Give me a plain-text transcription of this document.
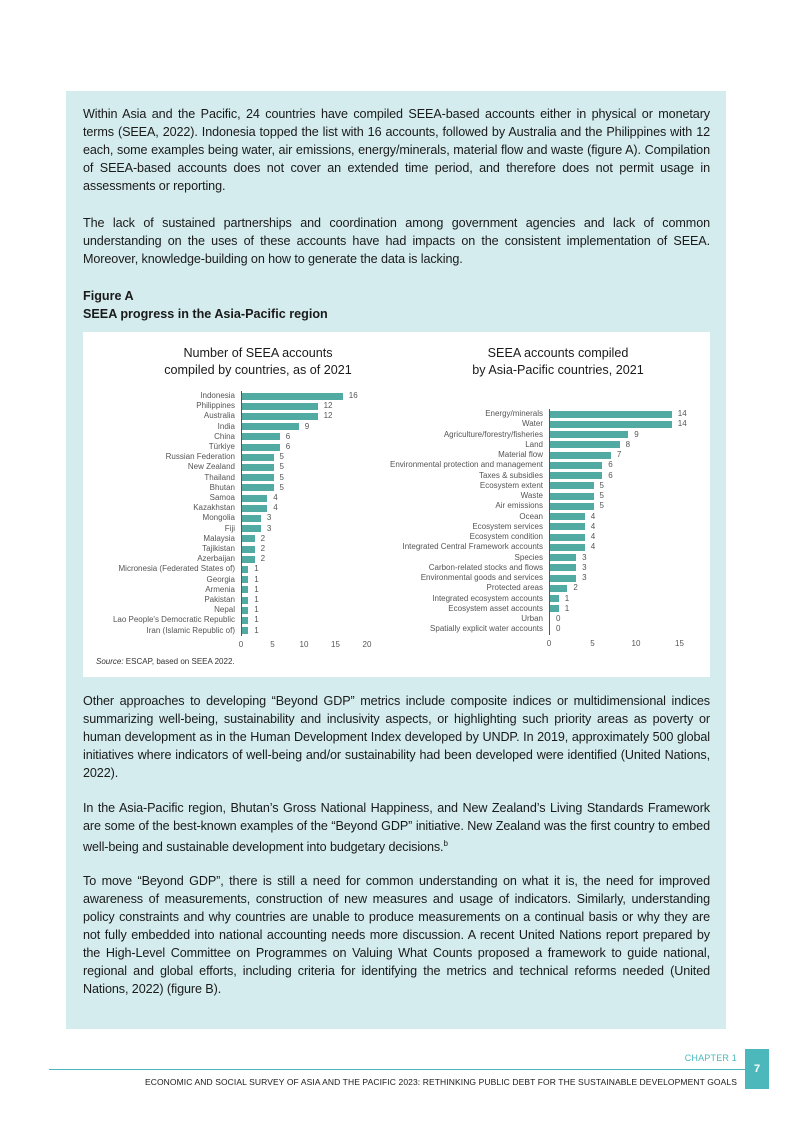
Within Asia and the Pacific, 24 countries have compiled SEEA-based accounts either in physical or monetary terms (SEEA, 2022). Indonesia topped the list with 16 accounts, followed by Australia and the Philippines with 12 each, some examples being water, air emissions, energy/minerals, material flow and waste (figure A). Compilation of SEEA-based accounts does not cover an extended time period, and therefore does not permit usage in assessments or reporting.

The lack of sustained partnerships and coordination among government agencies and lack of common understanding on the uses of these accounts have had impacts on the consistent implementation of SEEA. Moreover, knowledge-building on how to generate the data is lacking.

Figure A

SEEA progress in the Asia-Pacific region

Number of SEEA accounts
compiled by countries, as of 2021
Indonesia	16
Philippines	12
Australia	12
India	9
China	6
Türkiye	6
Russian Federation	5
New Zealand	5
Thailand	5
Bhutan	5
Samoa	4
Kazakhstan	4
Mongolia	3
Fiji	3
Malaysia	2
Tajikistan	2
Azerbaijan	2
Micronesia (Federated States of) 1
Georgia 1
Armenia 1
Pakistan 1
Nepal 1
Lao People's Democratic Republic 1
Iran (Islamic Republic of) 1
0	5	10	15	20
SEEA accounts compiled
by Asia-Pacific countries, 2021
Energy/minerals	14
Water	14
Agriculture/forestry/fisheries	9
Land	8
Material flow	7
Environmental protection and management	6
Taxes & subsidies	6
Ecosystem extent	5
Waste	5
Air emissions	5
Ocean	4
Ecosystem services	4
Ecosystem condition	4
Integrated Central Framework accounts	4
Species	3
Carbon-related stocks and flows	3
Environmental goods and services	3
Protected areas	2
Integrated ecosystem accounts	1
Ecosystem asset accounts	1
Urban 0
Spatially explicit water accounts 0
0	5	10	15
Source: ESCAP, based on SEEA 2022.

Other approaches to developing “Beyond GDP” metrics include composite indices or multidimensional indices summarizing well-being, sustainability and inclusivity aspects, or highlighting such priority areas as poverty or human development as in the Human Development Index developed by UNDP. In 2019, approximately 500 global initiatives where indicators of well-being and/or sustainability had been developed were identified (United Nations, 2022).

In the Asia-Pacific region, Bhutan’s Gross National Happiness, and New Zealand’s Living Standards Framework are some of the best-known examples of the “Beyond GDP” initiative. New Zealand was the first country to embed well-being and sustainable development into budgetary decisions.$^b$

To move “Beyond GDP”, there is still a need for common understanding on what it is, the need for improved awareness of measurements, construction of new measures and usage of indicators. Similarly, understanding policy constraints and why countries are unable to produce measurements on a continual basis or why they are not fully embedded into national accounting needs more discussion. A recent United Nations report prepared by the High-Level Committee on Programmes on Valuing What Counts proposed a framework to guide national, regional and global efforts, including criteria for identifying the metrics and technical reforms needed (United Nations, 2022) (figure B).

CHAPTER 1
ECONOMIC AND SOCIAL SURVEY OF ASIA AND THE PACIFIC 2023: RETHINKING PUBLIC DEBT FOR THE SUSTAINABLE DEVELOPMENT GOALS
7
